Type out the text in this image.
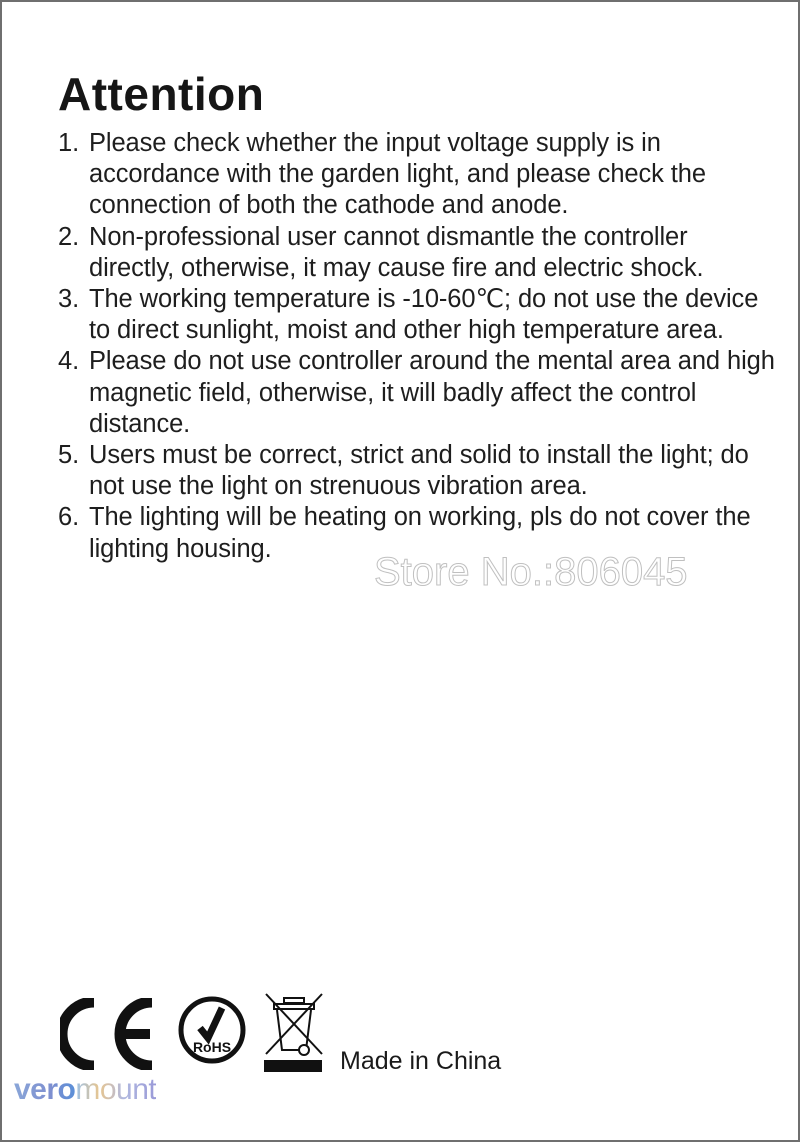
Attention
1. Please check whether the input voltage supply is in accordance with the garden light, and please check the connection of both the cathode and anode.
2. Non-professional user cannot dismantle the controller directly, otherwise, it may cause fire and electric shock.
3. The working temperature is -10-60℃; do not use the device to direct sunlight, moist and other high temperature area.
4. Please do not use controller around the mental area and high magnetic field, otherwise, it will badly affect the control distance.
5. Users must be correct, strict and solid to install the light; do not use the light on strenuous vibration area.
6. The lighting will be heating on working, pls do not cover the lighting housing.
Store No.:806045
RoHS	Made in China
veromount
